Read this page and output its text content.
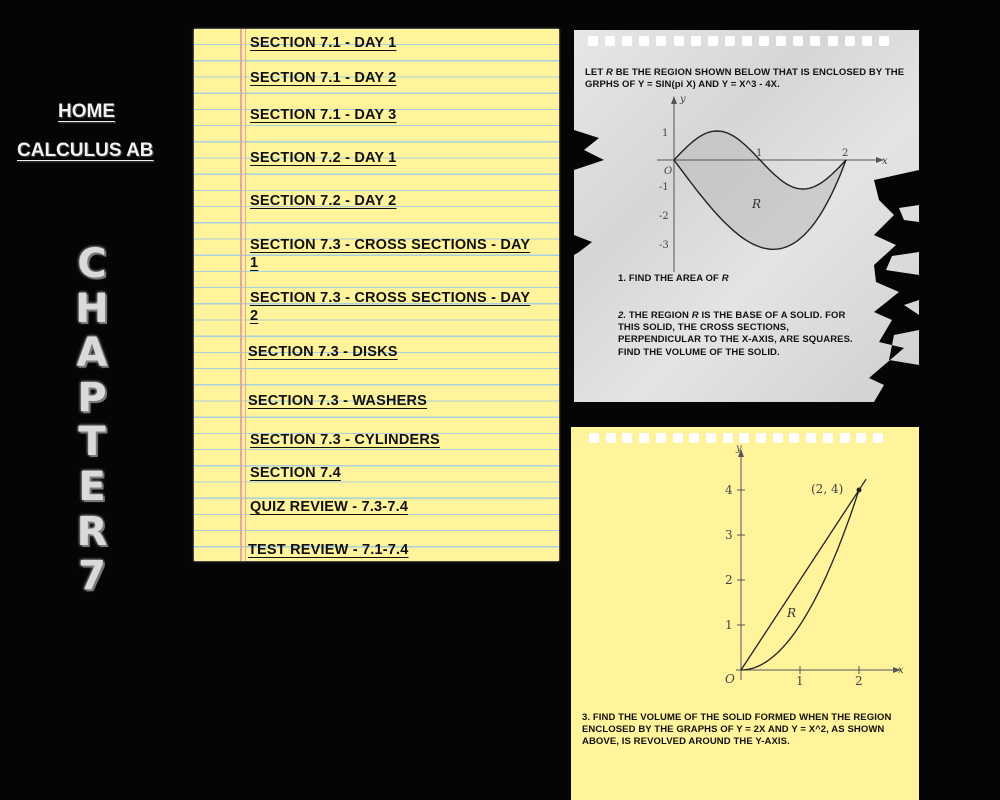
HOME
CALCULUS AB
C
H
A
P
T
E
R
7
SECTION 7.1 - DAY 1
SECTION 7.1 - DAY 2
SECTION 7.1 - DAY 3
SECTION 7.2 - DAY 1
SECTION 7.2 - DAY 2
SECTION 7.3 - CROSS SECTIONS - DAY 1
SECTION 7.3 - CROSS SECTIONS - DAY 2
SECTION 7.3 - DISKS
SECTION 7.3 - WASHERS
SECTION 7.3 - CYLINDERS
SECTION 7.4
QUIZ REVIEW - 7.3-7.4
TEST REVIEW - 7.1-7.4
LET R BE THE REGION SHOWN BELOW THAT IS ENCLOSED BY THE GRPHS OF Y = SIN(pi X) AND Y = X^3 - 4X.
y
x
O
1	2
1
-1
-2
-3
R
1. FIND THE AREA OF R
2. THE REGION R IS THE BASE OF A SOLID. FOR THIS SOLID, THE CROSS SECTIONS, PERPENDICULAR TO THE X-AXIS, ARE SQUARES. FIND THE VOLUME OF THE SOLID.
y
x
O	1	2
1
2
3
4	(2, 4)
R
3. FIND THE VOLUME OF THE SOLID FORMED WHEN THE REGION ENCLOSED BY THE GRAPHS OF Y = 2X AND Y = X^2, AS SHOWN ABOVE, IS REVOLVED AROUND THE Y-AXIS.
